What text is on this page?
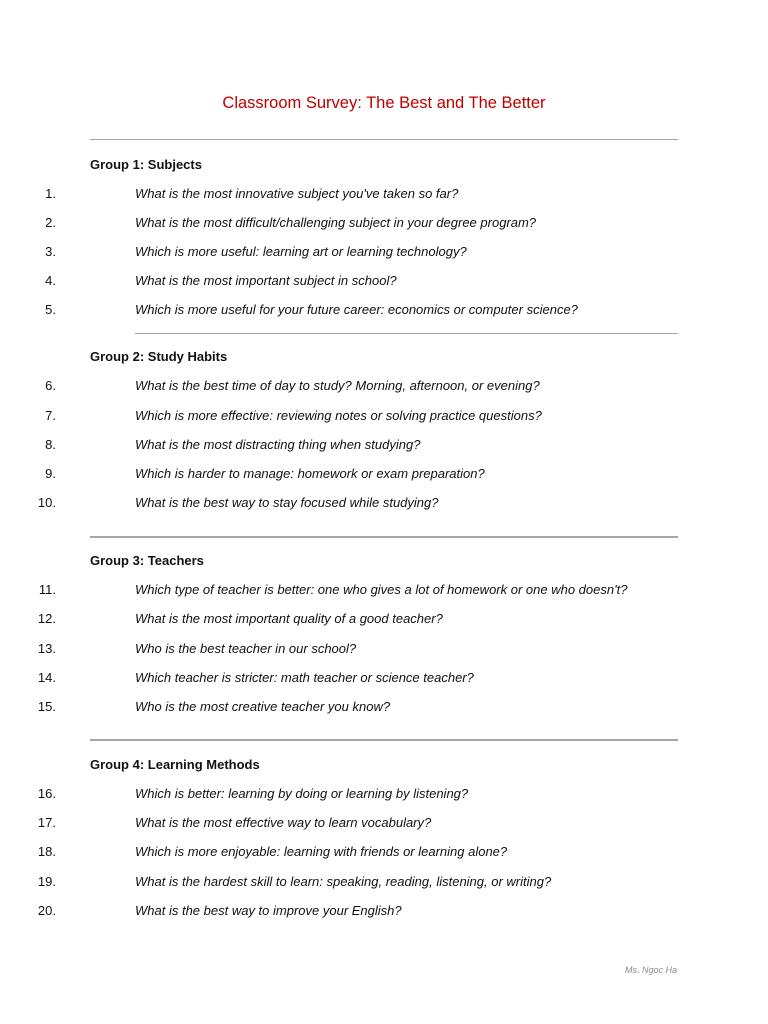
Classroom Survey: The Best and The Better
Group 1: Subjects
1.	What is the most innovative subject you've taken so far?
2.	What is the most difficult/challenging subject in your degree program?
3.	Which is more useful: learning art or learning technology?
4.	What is the most important subject in school?
5.	Which is more useful for your future career: economics or computer science?
Group 2: Study Habits
6.	What is the best time of day to study? Morning, afternoon, or evening?
7.	Which is more effective: reviewing notes or solving practice questions?
8.	What is the most distracting thing when studying?
9.	Which is harder to manage: homework or exam preparation?
10.	What is the best way to stay focused while studying?
Group 3: Teachers
11.	Which type of teacher is better: one who gives a lot of homework or one who doesn't?
12.	What is the most important quality of a good teacher?
13.	Who is the best teacher in our school?
14.	Which teacher is stricter: math teacher or science teacher?
15.	Who is the most creative teacher you know?
Group 4: Learning Methods
16.	Which is better: learning by doing or learning by listening?
17.	What is the most effective way to learn vocabulary?
18.	Which is more enjoyable: learning with friends or learning alone?
19.	What is the hardest skill to learn: speaking, reading, listening, or writing?
20.	What is the best way to improve your English?
Ms. Ngoc Ha
